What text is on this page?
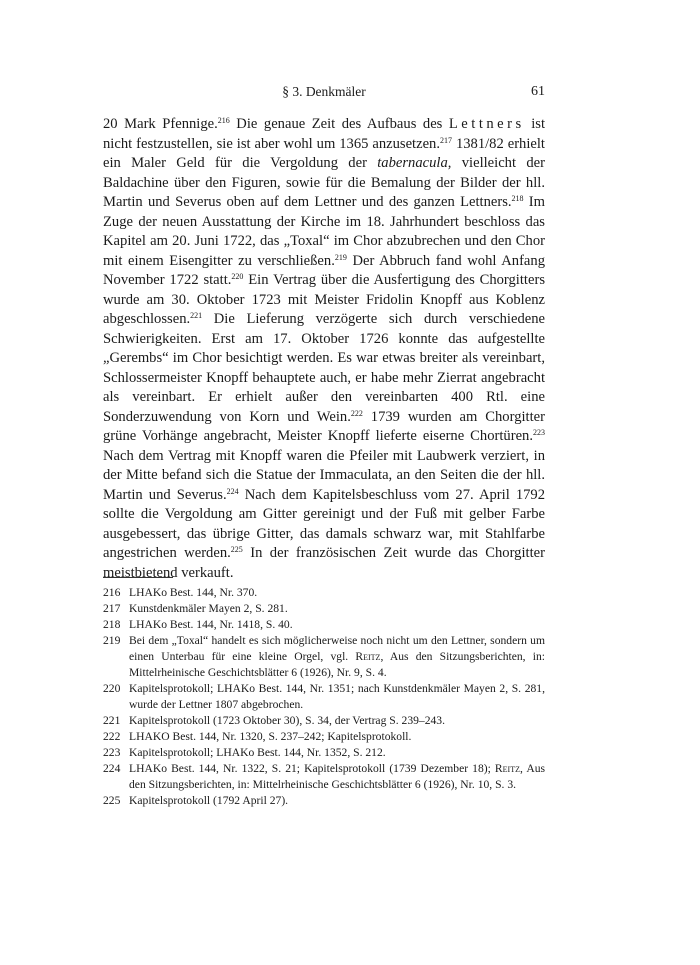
§ 3. Denkmäler	61

20 Mark Pfennige.$^{216}$ Die genaue Zeit des Aufbaus des Lettners ist nicht festzustellen, sie ist aber wohl um 1365 anzusetzen.$^{217}$ 1381/82 erhielt ein Maler Geld für die Vergoldung der tabernacula, vielleicht der Baldachine über den Figuren, sowie für die Bemalung der Bilder der hll. Martin und Severus oben auf dem Lettner und des ganzen Lettners.$^{218}$ Im Zuge der neuen Ausstattung der Kirche im 18. Jahrhundert beschloss das Kapitel am 20. Juni 1722, das „Toxal“ im Chor abzubrechen und den Chor mit einem Eisengitter zu verschließen.$^{219}$ Der Abbruch fand wohl Anfang November 1722 statt.$^{220}$ Ein Vertrag über die Ausfertigung des Chorgitters wurde am 30. Oktober 1723 mit Meister Fridolin Knopff aus Koblenz abgeschlossen.$^{221}$ Die Lieferung verzögerte sich durch verschiedene Schwierigkeiten. Erst am 17. Oktober 1726 konnte das aufgestellte „Gerembs“ im Chor besichtigt werden. Es war etwas breiter als vereinbart, Schlossermeister Knopff behauptete auch, er habe mehr Zierrat angebracht als vereinbart. Er erhielt außer den vereinbarten 400 Rtl. eine Sonderzuwendung von Korn und Wein.$^{222}$ 1739 wurden am Chorgitter grüne Vorhänge angebracht, Meister Knopff lieferte eiserne Chortüren.$^{223}$ Nach dem Vertrag mit Knopff waren die Pfeiler mit Laubwerk verziert, in der Mitte befand sich die Statue der Immaculata, an den Seiten die der hll. Martin und Severus.$^{224}$ Nach dem Kapitelsbeschluss vom 27. April 1792 sollte die Vergoldung am Gitter gereinigt und der Fuß mit gelber Farbe ausgebessert, das übrige Gitter, das damals schwarz war, mit Stahlfarbe angestrichen werden.$^{225}$ In der französischen Zeit wurde das Chorgitter meistbietend verkauft.

216 LHAKo Best. 144, Nr. 370.

217 Kunstdenkmäler Mayen 2, S. 281.

218 LHAKo Best. 144, Nr. 1418, S. 40.

219 Bei dem „Toxal“ handelt es sich möglicherweise noch nicht um den Lettner, sondern um einen Unterbau für eine kleine Orgel, vgl. Reitz, Aus den Sitzungsberichten, in: Mittelrheinische Geschichtsblätter 6 (1926), Nr. 9, S. 4.

220 Kapitelsprotokoll; LHAKo Best. 144, Nr. 1351; nach Kunstdenkmäler Mayen 2, S. 281, wurde der Lettner 1807 abgebrochen.

221 Kapitelsprotokoll (1723 Oktober 30), S. 34, der Vertrag S. 239–243.

222 LHAKO Best. 144, Nr. 1320, S. 237–242; Kapitelsprotokoll.

223 Kapitelsprotokoll; LHAKo Best. 144, Nr. 1352, S. 212.

224 LHAKo Best. 144, Nr. 1322, S. 21; Kapitelsprotokoll (1739 Dezember 18); Reitz, Aus den Sitzungsberichten, in: Mittelrheinische Geschichtsblätter 6 (1926), Nr. 10, S. 3.

225 Kapitelsprotokoll (1792 April 27).
